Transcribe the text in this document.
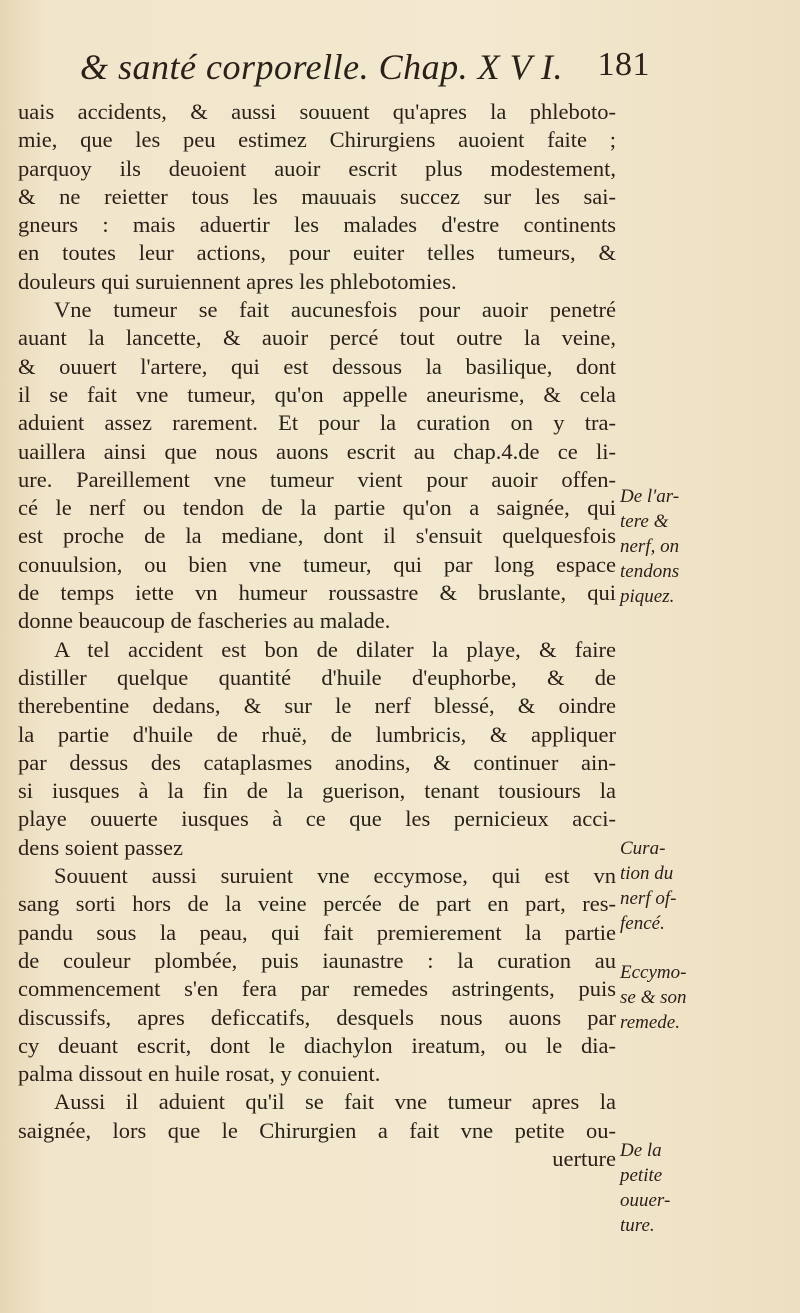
& santé corporelle. Chap. X V I. 181
uais accidents, & aussi souuent qu'apres la phleboto-
mie, que les peu estimez Chirurgiens auoient faite ;
parquoy ils deuoient auoir escrit plus modestement,
& ne reietter tous les mauuais succez sur les sai-
gneurs : mais aduertir les malades d'estre continents
en toutes leur actions, pour euiter telles tumeurs, &
douleurs qui suruiennent apres les phlebotomies.
Vne tumeur se fait aucunesfois pour auoir penetré
auant la lancette, & auoir percé tout outre la veine,
& ouuert l'artere, qui est dessous la basilique, dont
il se fait vne tumeur, qu'on appelle aneurisme, & cela
aduient assez rarement. Et pour la curation on y tra-
uaillera ainsi que nous auons escrit au chap.4.de ce li-
ure. Pareillement vne tumeur vient pour auoir offen-
cé le nerf ou tendon de la partie qu'on a saignée, qui
est proche de la mediane, dont il s'ensuit quelquesfois
conuulsion, ou bien vne tumeur, qui par long espace
de temps iette vn humeur roussastre & bruslante, qui
donne beaucoup de fascheries au malade.
A tel accident est bon de dilater la playe, & faire
distiller quelque quantité d'huile d'euphorbe, & de
therebentine dedans, & sur le nerf blessé, & oindre
la partie d'huile de rhuë, de lumbricis, & appliquer
par dessus des cataplasmes anodins, & continuer ain-
si iusques à la fin de la guerison, tenant tousiours la
playe ouuerte iusques à ce que les pernicieux acci-
dens soient passez
Souuent aussi suruient vne eccymose, qui est vn
sang sorti hors de la veine percée de part en part, res-
pandu sous la peau, qui fait premierement la partie
de couleur plombée, puis iaunastre : la curation au
commencement s'en fera par remedes astringents, puis
discussifs, apres deficcatifs, desquels nous auons par
cy deuant escrit, dont le diachylon ireatum, ou le dia-
palma dissout en huile rosat, y conuient.
Aussi il aduient qu'il se fait vne tumeur apres la
saignée, lors que le Chirurgien a fait vne petite ou-
uerture
De l'ar-
tere &
nerf, on
tendons
piquez.
Cura-
tion du
nerf of-
fencé.
Eccymo-
se & son
remede.
De la
petite
ouuer-
ture.
